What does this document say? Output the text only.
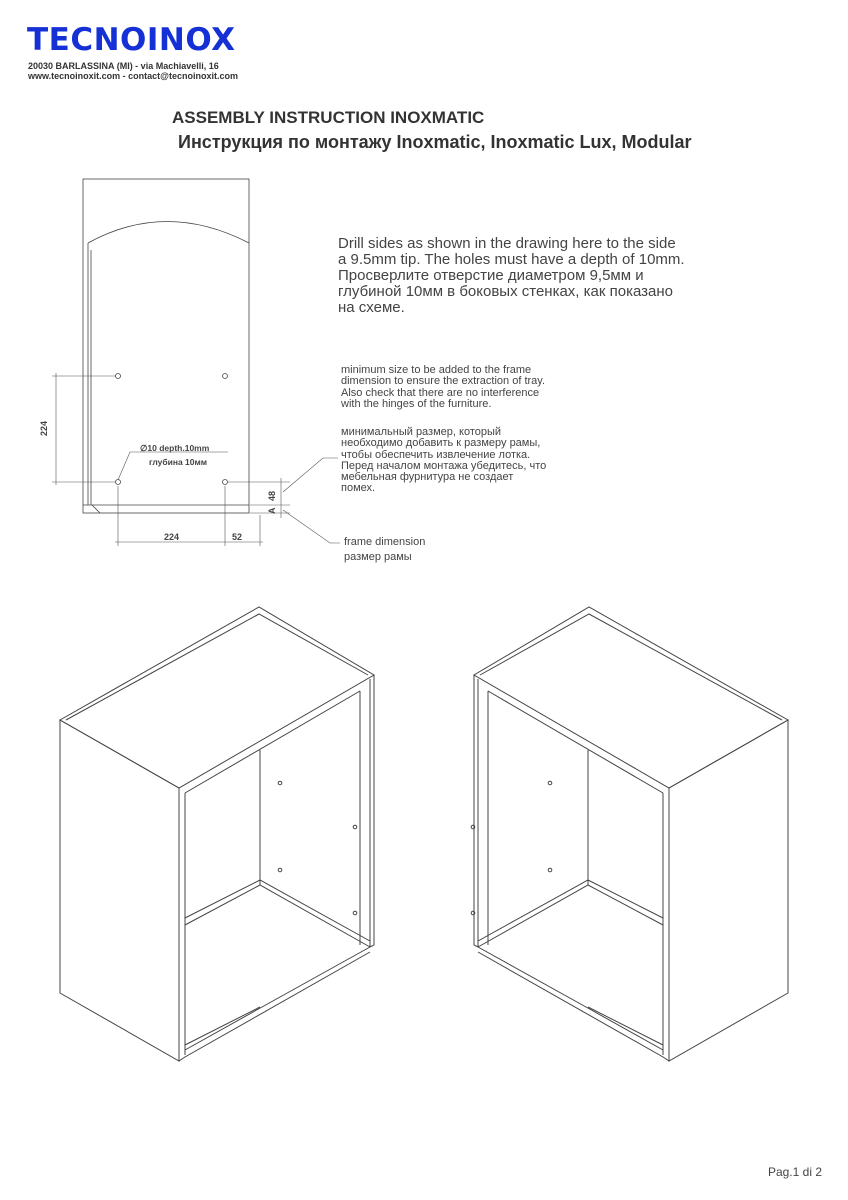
TECNOINOX
20030 BARLASSINA (MI) - via Machiavelli, 16
www.tecnoinoxit.com - contact@tecnoinoxit.com
ASSEMBLY INSTRUCTION INOXMATIC
Инструкция по монтажу Inoxmatic, Inoxmatic Lux, Modular
Drill sides as shown in the drawing here to the side
a 9.5mm tip. The holes must have a depth of 10mm.
Просверлите отверстие диаметром 9,5мм и
глубиной 10мм в боковых стенках, как показано
на схеме.
minimum size to be added to the frame
dimension to ensure the extraction of tray.
Also check that there are no interference
with the hinges of the furniture.
минимальный размер, который
необходимо добавить к размеру рамы,
чтобы обеспечить извлечение лотка.
Перед началом монтажа убедитесь, что
мебельная фурнитура не создает
помех.
frame dimension
размер рамы
224
224	52
48
A
∅10 depth.10mm
глубина 10мм
Pag.1 di 2
